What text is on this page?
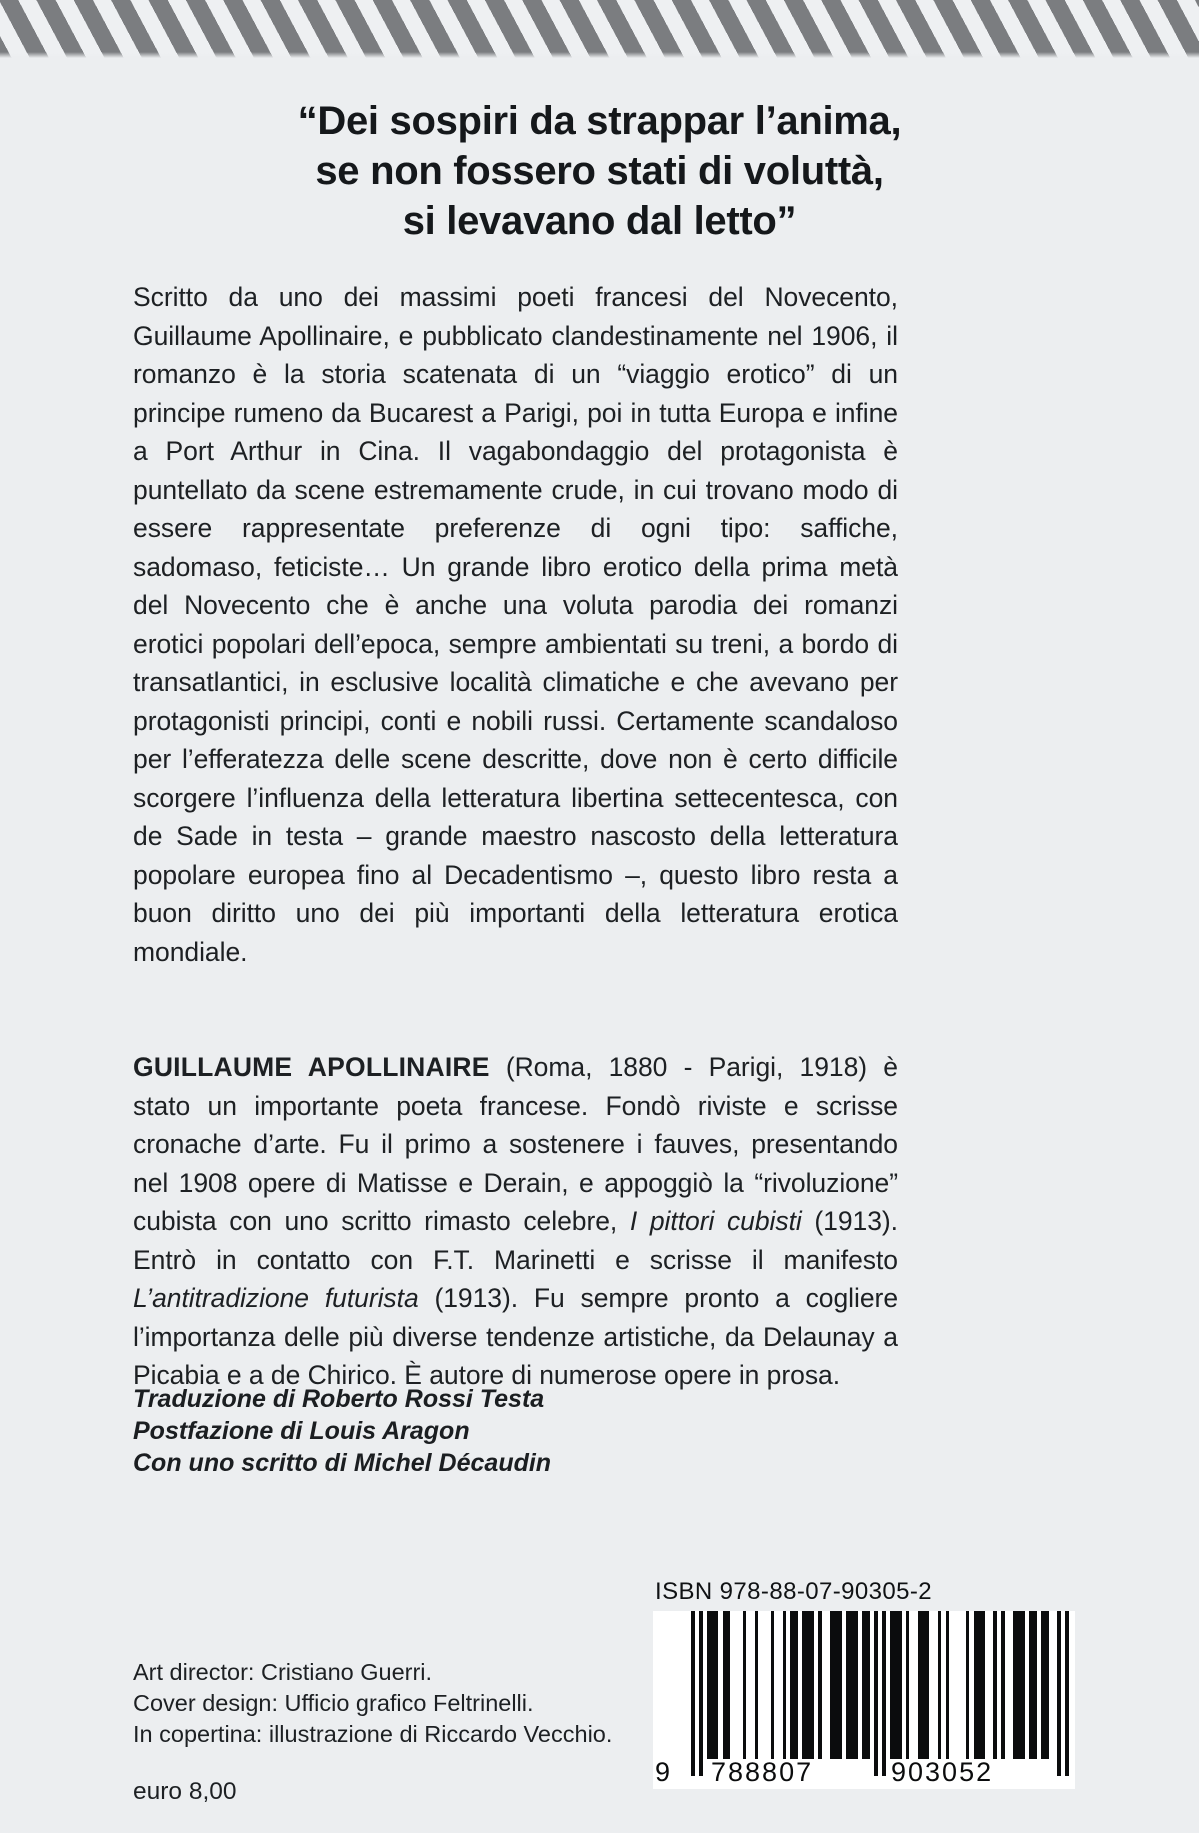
“Dei sospiri da strappar l’anima,
se non fossero stati di voluttà,
si levavano dal letto”
Scritto da uno dei massimi poeti francesi del Novecento, Guillaume Apollinaire, e pubblicato clandestinamente nel 1906, il romanzo è la storia scatenata di un “viaggio erotico” di un principe rumeno da Bucarest a Parigi, poi in tutta Europa e infine a Port Arthur in Cina. Il vagabondaggio del protagonista è puntellato da scene estremamente crude, in cui trovano modo di essere rappresentate preferenze di ogni tipo: saffiche, sadomaso, feticiste… Un grande libro erotico della prima metà del Novecento che è anche una voluta parodia dei romanzi erotici popolari dell’epoca, sempre ambientati su treni, a bordo di transatlantici, in esclusive località climatiche e che avevano per protagonisti principi, conti e nobili russi. Certamente scandaloso per l’efferatezza delle scene descritte, dove non è certo difficile scorgere l’influenza della letteratura libertina settecentesca, con de Sade in testa – grande maestro nascosto della letteratura popolare europea fino al Decadentismo –, questo libro resta a buon diritto uno dei più importanti della letteratura erotica mondiale.
GUILLAUME APOLLINAIRE (Roma, 1880 - Parigi, 1918) è stato un importante poeta francese. Fondò riviste e scrisse cronache d’arte. Fu il primo a sostenere i fauves, presentando nel 1908 opere di Matisse e Derain, e appoggiò la “rivoluzione” cubista con uno scritto rimasto celebre, I pittori cubisti (1913). Entrò in contatto con F.T. Marinetti e scrisse il manifesto L’antitradizione futurista (1913). Fu sempre pronto a cogliere l’importanza delle più diverse tendenze artistiche, da Delaunay a Picabia e a de Chirico. È autore di numerose opere in prosa.
Traduzione di Roberto Rossi Testa
Postfazione di Louis Aragon
Con uno scritto di Michel Décaudin
Art director: Cristiano Guerri.
Cover design: Ufficio grafico Feltrinelli.
In copertina: illustrazione di Riccardo Vecchio.
euro 8,00
ISBN 978-88-07-90305-2
9 788807	903052
